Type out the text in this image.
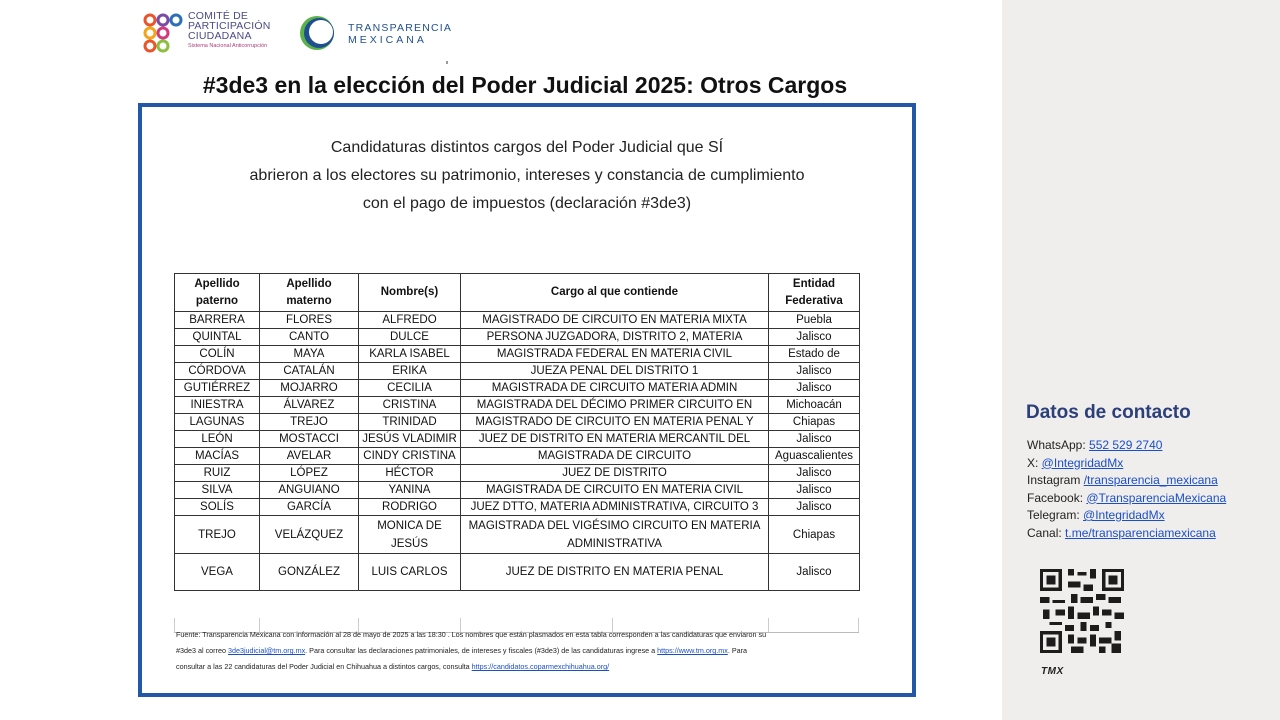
COMITÉ DE
PARTICIPACIÓN
CIUDADANA
Sistema Nacional Anticorrupción
TRANSPARENCIA
MEXICANA
#3de3 en la elección del Poder Judicial 2025: Otros Cargos
Candidaturas distintos cargos del Poder Judicial que SÍ
abrieron a los electores su patrimonio, intereses y constancia de cumplimiento
con el pago de impuestos (declaración #3de3)
Apellido paterno	Apellido materno	Nombre(s)	Cargo al que contiende	Entidad Federativa

BARRERA	FLORES	ALFREDO	MAGISTRADO DE CIRCUITO EN MATERIA MIXTA	Puebla
QUINTAL	CANTO	DULCE	PERSONA JUZGADORA, DISTRITO 2, MATERIA	Jalisco
COLÍN	MAYA	KARLA ISABEL	MAGISTRADA FEDERAL EN MATERIA CIVIL	Estado de
CÓRDOVA	CATALÁN	ERIKA	JUEZA PENAL DEL DISTRITO 1	Jalisco
GUTIÉRREZ	MOJARRO	CECILIA	MAGISTRADA DE CIRCUITO MATERIA ADMIN	Jalisco
INIESTRA	ÁLVAREZ	CRISTINA	MAGISTRADA DEL DÉCIMO PRIMER CIRCUITO EN	Michoacán
LAGUNAS	TREJO	TRINIDAD	MAGISTRADO DE CIRCUITO EN MATERIA PENAL Y	Chiapas
LEÓN	MOSTACCI	JESÚS VLADIMIR	JUEZ DE DISTRITO EN MATERIA MERCANTIL DEL	Jalisco
MACÍAS	AVELAR	CINDY CRISTINA	MAGISTRADA DE CIRCUITO	Aguascalientes
RUIZ	LÓPEZ	HÉCTOR	JUEZ DE DISTRITO	Jalisco
SILVA	ANGUIANO	YANINA	MAGISTRADA DE CIRCUITO EN MATERIA CIVIL	Jalisco
SOLÍS	GARCÍA	RODRIGO	JUEZ DTTO, MATERIA ADMINISTRATIVA, CIRCUITO 3	Jalisco
TREJO	VELÁZQUEZ	MONICA DE JESÚS	MAGISTRADA DEL VIGÉSIMO CIRCUITO EN MATERIA ADMINISTRATIVA	Chiapas
VEGA	GONZÁLEZ	LUIS CARLOS	JUEZ DE DISTRITO EN MATERIA PENAL	Jalisco
Fuente: Transparencia Mexicana con información al 28 de mayo de 2025 a las 18:30 . Los nombres que están plasmados en esta tabla corresponden a las candidaturas que enviaron su
#3de3 al correo 3de3judicial@tm.org.mx. Para consultar las declaraciones patrimoniales, de intereses y fiscales (#3de3) de las candidaturas ingrese a https://www.tm.org.mx. Para
consultar a las 22 candidaturas del Poder Judicial en Chihuahua a distintos cargos, consulta https://candidatos.coparmexchihuahua.org/
Datos de contacto
WhatsApp: 552 529 2740
X: @IntegridadMx
Instagram /transparencia_mexicana
Facebook: @TransparenciaMexicana
Telegram: @IntegridadMx
Canal: t.me/transparenciamexicana
TMX
